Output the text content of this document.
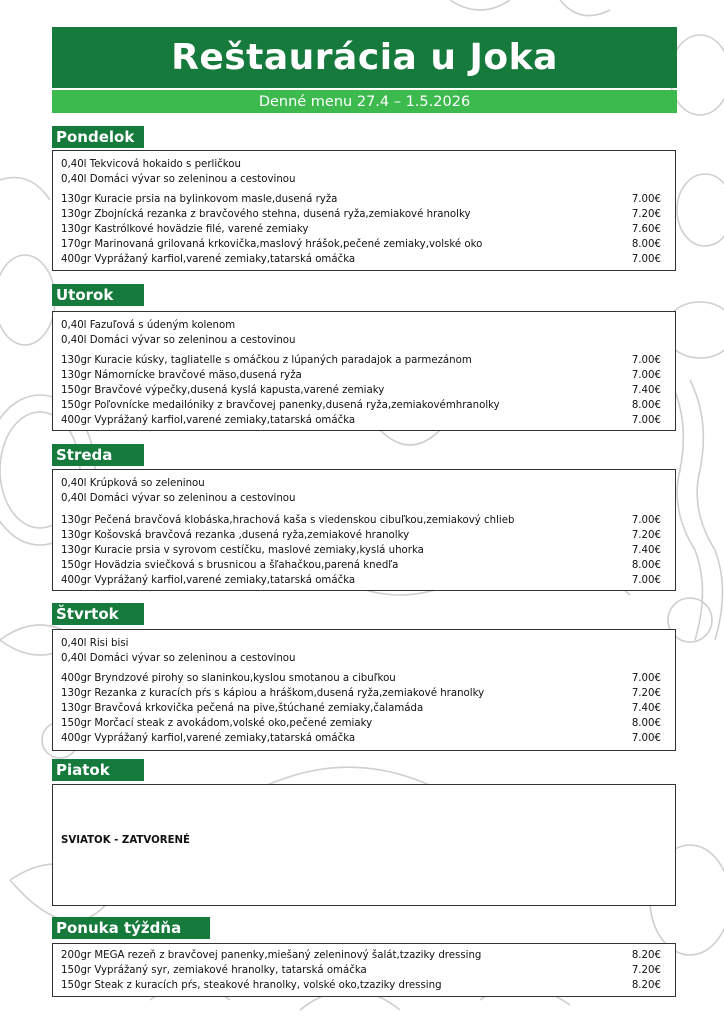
Reštaurácia u Joka
Denné menu 27.4 – 1.5.2026
Pondelok
0,40l Tekvicová hokaido s perličkou
0,40l Domáci vývar so zeleninou a cestovinou
130gr Kuracie prsia na bylinkovom masle,dusená ryža	7.00€
130gr Zbojnícká rezanka z bravčového stehna, dusená ryža,zemiakové hranolky	7.20€
130gr Kastrólkové hovädzie filé, varené zemiaky	7.60€
170gr Marinovaná grilovaná krkovička,maslový hrášok,pečené zemiaky,volské oko	8.00€
400gr Vyprážaný karfiol,varené zemiaky,tatarská omáčka	7.00€
Utorok
0,40l Fazuľová s údeným kolenom
0,40l Domáci vývar so zeleninou a cestovinou
130gr Kuracie kúsky, tagliatelle s omáčkou z lúpaných paradajok a parmezánom	7.00€
130gr Námornícke bravčové mäso,dusená ryža	7.00€
150gr Bravčové výpečky,dusená kyslá kapusta,varené zemiaky	7.40€
150gr Poľovnícke medailóniky z bravčovej panenky,dusená ryža,zemiakovémhranolky	8.00€
400gr Vyprážaný karfiol,varené zemiaky,tatarská omáčka	7.00€
Streda
0,40l Krúpková so zeleninou
0,40l Domáci vývar so zeleninou a cestovinou
130gr Pečená bravčová klobáska,hrachová kaša s viedenskou cibuľkou,zemiakový chlieb	7.00€
130gr Košovská bravčová rezanka ,dusená ryža,zemiakové hranolky	7.20€
130gr Kuracie prsia v syrovom cestíčku, maslové zemiaky,kyslá uhorka	7.40€
150gr Hovädzia sviečková s brusnicou a šľahačkou,parená knedľa	8.00€
400gr Vyprážaný karfiol,varené zemiaky,tatarská omáčka	7.00€
Štvrtok
0,40l Risi bisi
0,40l Domáci vývar so zeleninou a cestovinou
400gr Bryndzové pirohy so slaninkou,kyslou smotanou a cibuľkou	7.00€
130gr Rezanka z kuracích pŕs s kápiou a hráškom,dusená ryža,zemiakové hranolky	7.20€
130gr Bravčová krkovička pečená na pive,štúchané zemiaky,čalamáda	7.40€
150gr Morčací steak z avokádom,volské oko,pečené zemiaky	8.00€
400gr Vyprážaný karfiol,varené zemiaky,tatarská omáčka	7.00€
Piatok
SVIATOK - ZATVORENÉ
Ponuka týždňa
200gr MEGA rezeň z bravčovej panenky,miešaný zeleninový šalát,tzaziky dressing	8.20€
150gr Vyprážaný syr, zemiakové hranolky, tatarská omáčka	7.20€
150gr Steak z kuracích pŕs, steakové hranolky, volské oko,tzaziky dressing	8.20€
